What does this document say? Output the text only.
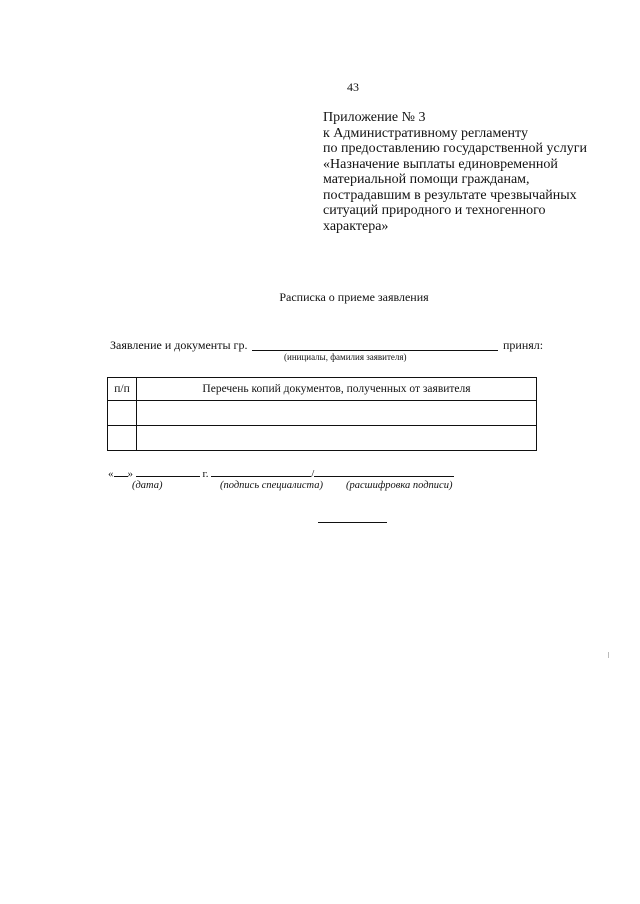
43
Приложение № 3
к Административному регламенту
по предоставлению государственной услуги
«Назначение выплаты единовременной
материальной помощи гражданам,
пострадавшим в результате чрезвычайных
ситуаций природного и техногенного
характера»
Расписка о приеме заявления
Заявление и документы гр.	принял:
(инициалы, фамилия заявителя)
п/п	Перечень копий документов, полученных от заявителя

« »	г.	/
(дата)	(подпись специалиста) (расшифровка подписи)
